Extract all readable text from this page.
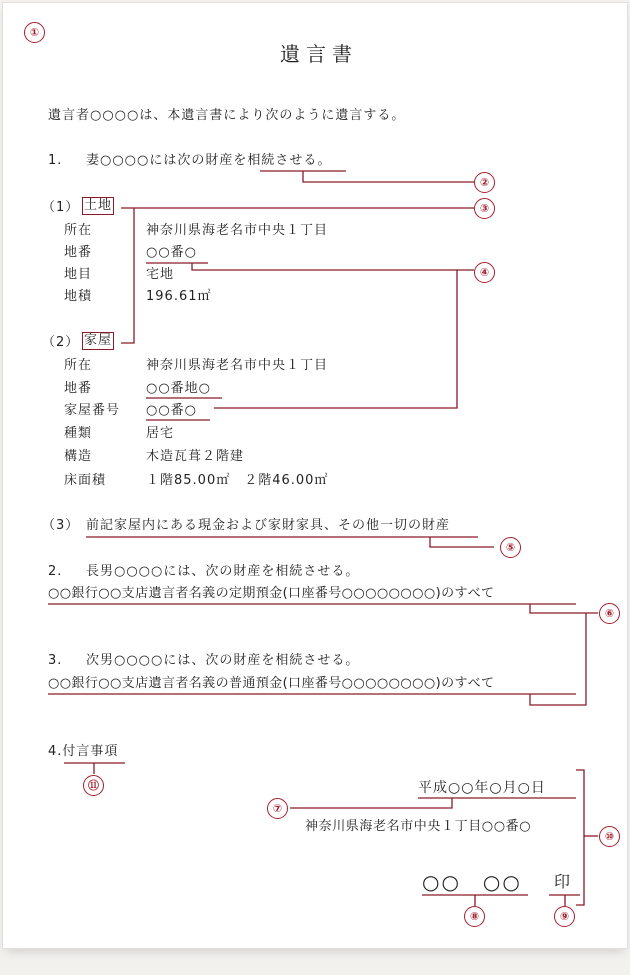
遺言書
遺言者○○○○は、本遺言書により次のように遺言する。
1. 妻○○○○には次の財産を相続させる。
（1） 土地
所在	神奈川県海老名市中央１丁目
地番	○○番○
地目	宅地
地積	196.61㎡
（2） 家屋
所在	神奈川県海老名市中央１丁目
地番	○○番地○
家屋番号 ○○番○
種類	居宅
構造	木造瓦葺２階建
床面積	１階85.00㎡　２階46.00㎡
（3） 前記家屋内にある現金および家財家具、その他一切の財産
2. 長男○○○○には、次の財産を相続させる。
○○銀行○○支店遺言者名義の定期預金(口座番号○○○○○○○○)のすべて
3. 次男○○○○には、次の財産を相続させる。
○○銀行○○支店遺言者名義の普通預金(口座番号○○○○○○○○)のすべて
4.付言事項
平成○○年○月○日
神奈川県海老名市中央１丁目○○番○
○○　○○ 印
①
②
③
④
⑤
⑥
⑦
⑧	⑨
⑩
⑪
